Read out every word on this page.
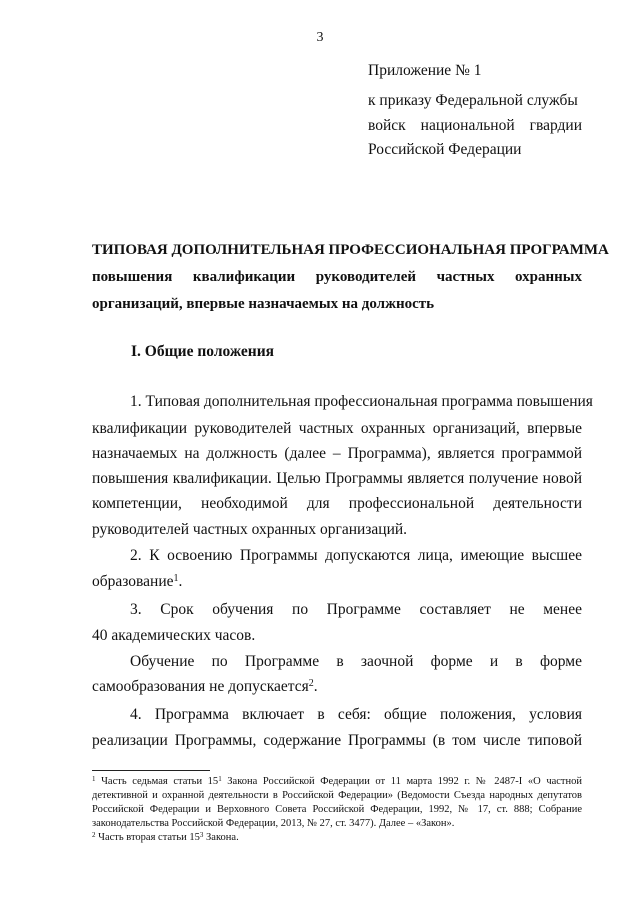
3
Приложение № 1
к приказу Федеральной службы
войск национальной гвардии
Российской Федерации
ТИПОВАЯ ДОПОЛНИТЕЛЬНАЯ ПРОФЕССИОНАЛЬНАЯ ПРОГРАММА
повышения квалификации руководителей частных охранных
организаций, впервые назначаемых на должность
I. Общие положения
1. Типовая дополнительная профессиональная программа повышения
квалификации руководителей частных охранных организаций, впервые
назначаемых на должность (далее – Программа), является программой
повышения квалификации. Целью Программы является получение новой
компетенции, необходимой для профессиональной деятельности
руководителей частных охранных организаций.
2. К освоению Программы допускаются лица, имеющие высшее
образование$^1$.
3. Срок обучения по Программе составляет не менее
40 академических часов.
Обучение по Программе в заочной форме и в форме
самообразования не допускается$^2$.
4. Программа включает в себя: общие положения, условия
реализации Программы, содержание Программы (в том числе типовой
$^1$ Часть седьмая статьи $15^1$ Закона Российской Федерации от 11 марта 1992 г. № 2487-I «О частной
детективной и охранной деятельности в Российской Федерации» (Ведомости Съезда народных депутатов
Российской Федерации и Верховного Совета Российской Федерации, 1992, № 17, ст. 888; Собрание
законодательства Российской Федерации, 2013, № 27, ст. 3477). Далее – «Закон».
$^2$ Часть вторая статьи $15^3$ Закона.
